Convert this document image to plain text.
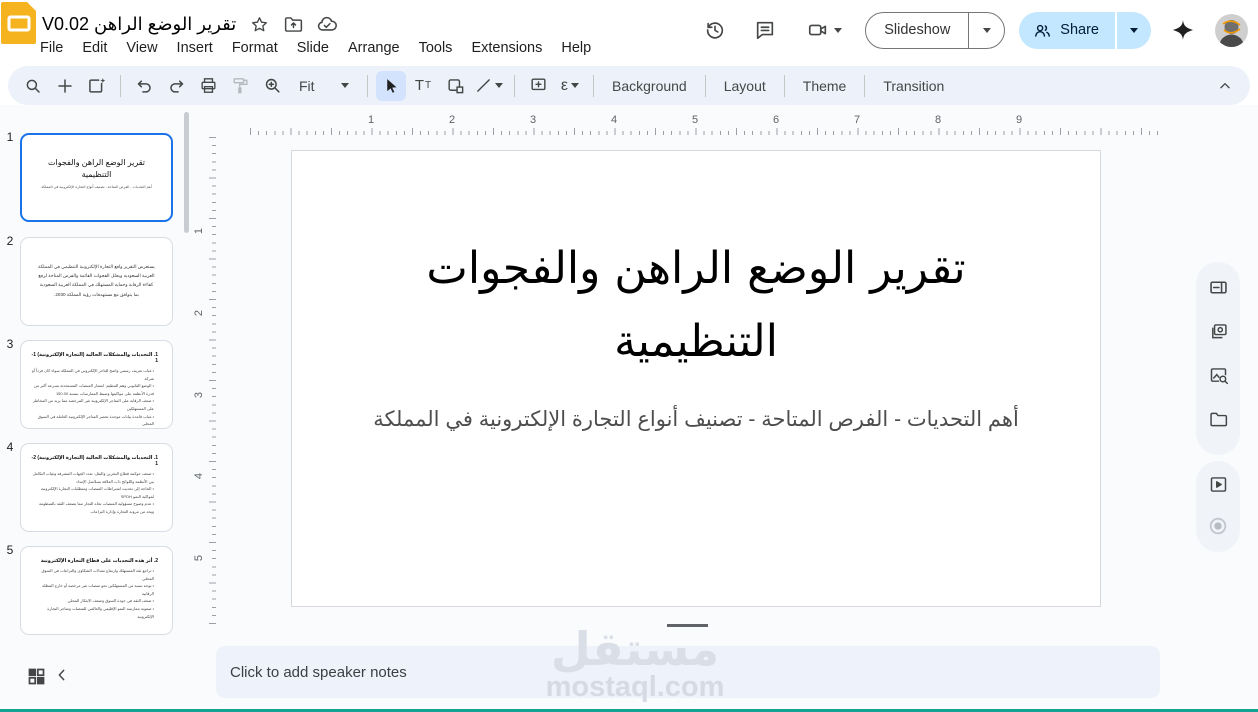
تقرير الوضع الراهن V0.02
File Edit View Insert Format Slide Arrange Tools Extensions Help
Slideshow	Share
Fit	T T	ε	Background	Layout	Theme	Transition
1
2
3
4
5
تقرير الوضع الراهن والفجوات التنظيمية
أهم التحديات - الفرص المتاحة - تصنيف أنواع التجارة الإلكترونية في المملكة
يستعرض التقرير واقع التجارة الإلكترونية التنظيمي في المملكة العربية السعودية ويحلل الفجوات القائمة والفرص المتاحة لرفع كفاءة الرقابة وحماية المستهلك في المملكة العربية السعودية بما يتوافق مع مستهدفات رؤية المملكة 2030.
1. التحديات والمشكلات الحالية (التجارة الإلكترونية) 1-1
• غياب تعريف رسمي واضح للتاجر الإلكتروني في المملكة سواء كان فرداً أو شركة
• الوضع القانوني وهم التنظيم: انتشار المنصات المستحدثة بسرعة أكبر من قدرة الأنظمة على مواكبتها وضبط الممارسات بنسبة 150.00
• ضعف الرقابة على المتاجر الإلكترونية غير المرخصة مما يزيد من المخاطر على المستهلكين
• غياب قاعدة بيانات موحدة تحصر المتاجر الإلكترونية العاملة في السوق المحلي
1. التحديات والمشكلات الحالية (التجارة الإلكترونية) 2-1
• ضعف حوكمة قطاع التخزين والنقل: تعدد الجهات المشرفة وغياب التكامل بين الأنظمة واللوائح ذات العلاقة بسلاسل الإمداد
• الحاجة إلى تحديث اشتراطات المنصات ومتطلبات التجارة الإلكترونية لمواكبة النمو SPDH
• عدم وضوح مسؤولية المنصات تجاه التجار مما يضعف الثقة بالمنظومة ويحد من مرونة التجارة وإدارة النزاعات
2. أثر هذه التحديات على قطاع التجارة الإلكترونية
• تراجع ثقة المستهلك وارتفاع معدلات الشكاوى والنزاعات في السوق المحلي
• توجه نسبة من المستهلكين نحو منصات غير مرخصة أو خارج المظلة الرقابية
• ضعف الثقة في جودة السوق وضعف الابتكار المحلي
• صعوبة ممارسة النمو الإقليمي والعالمي للمنصات ومتاجر التجارة الإلكترونية
1	2	3	4	5	6	7	8	9
1
2
3
4
5
تقرير الوضع الراهن والفجوات التنظيمية
أهم التحديات - الفرص المتاحة - تصنيف أنواع التجارة الإلكترونية في المملكة
مستقل
mostaql.com
Click to add speaker notes
